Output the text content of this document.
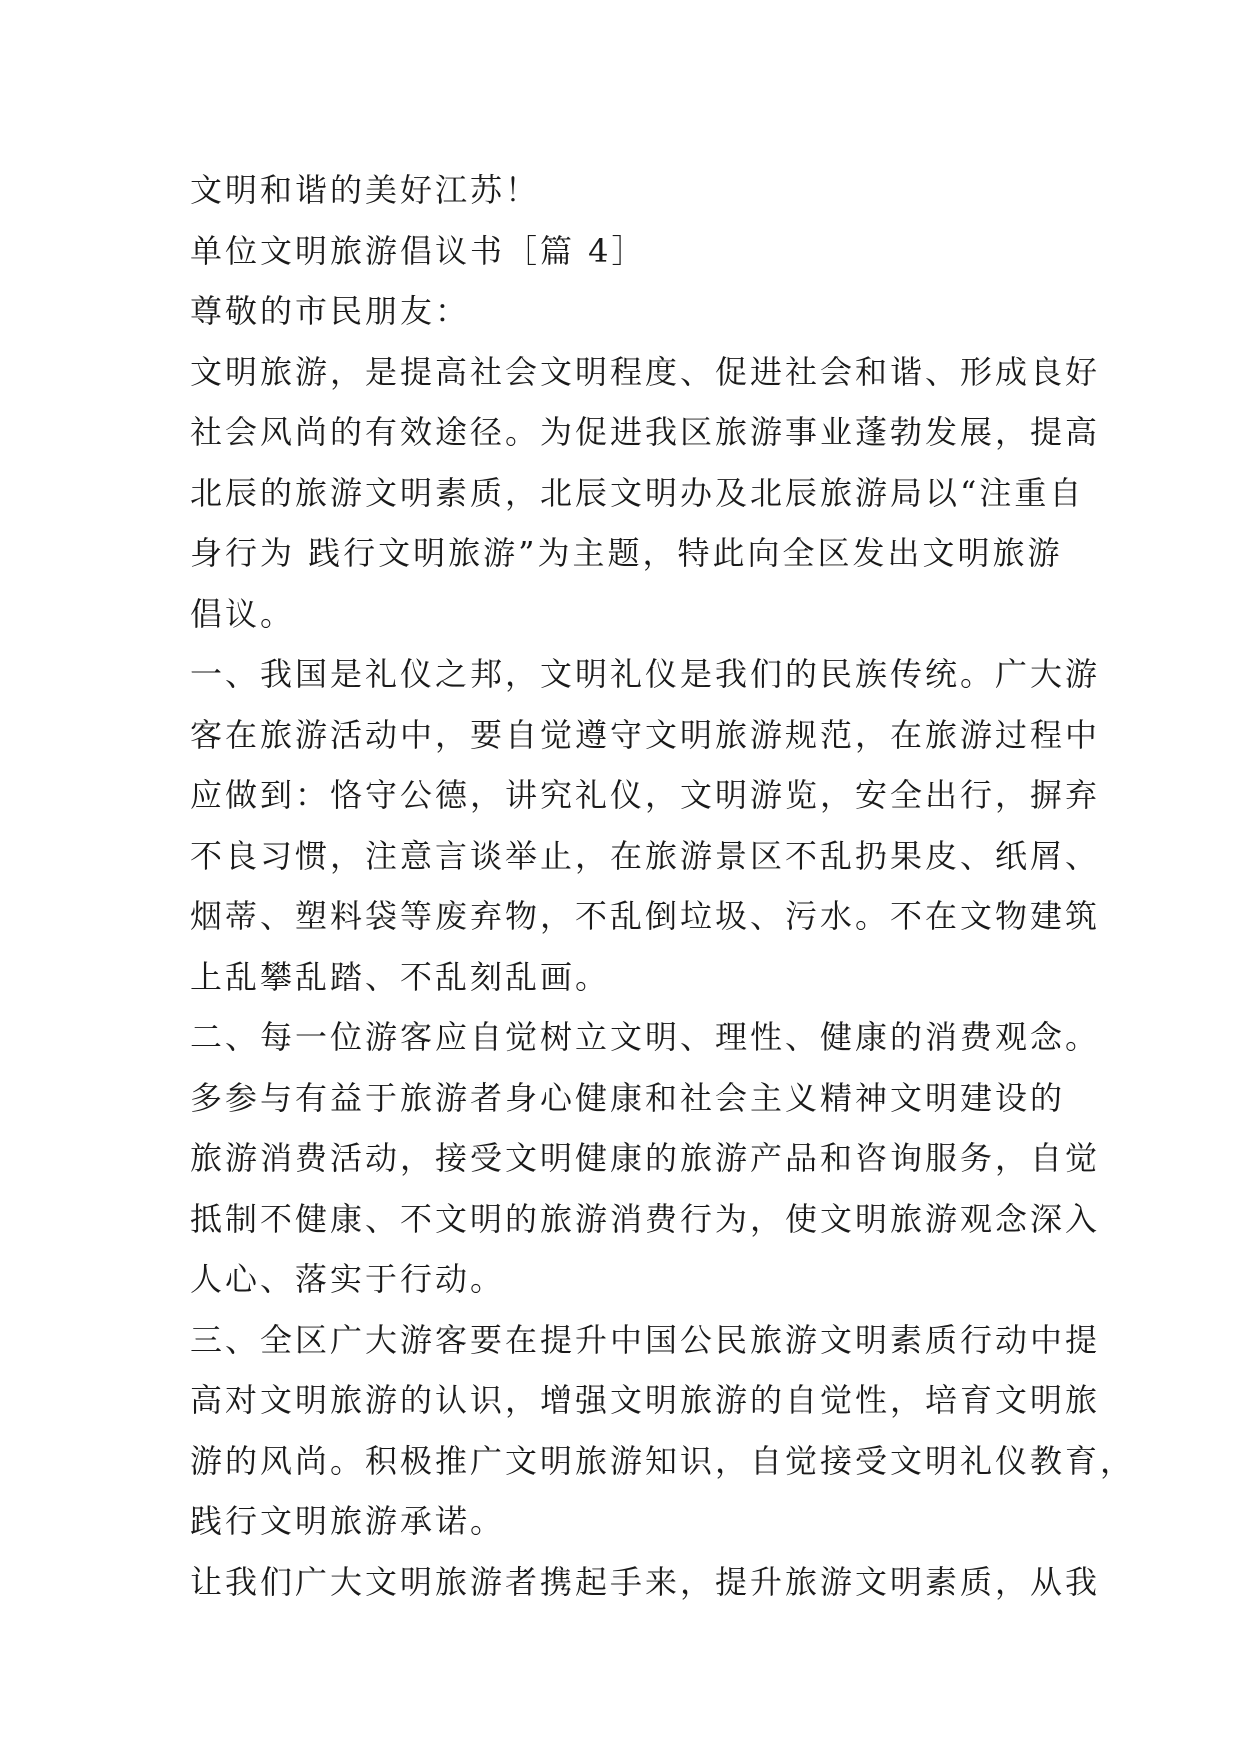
文明和谐的美好江苏！
单位文明旅游倡议书［篇 4］
尊敬的市民朋友：
文明旅游，是提高社会文明程度、促进社会和谐、形成良好
社会风尚的有效途径。为促进我区旅游事业蓬勃发展，提高
北辰的旅游文明素质，北辰文明办及北辰旅游局以“注重自
身行为 践行文明旅游”为主题，特此向全区发出文明旅游
倡议。
一、我国是礼仪之邦，文明礼仪是我们的民族传统。广大游
客在旅游活动中，要自觉遵守文明旅游规范，在旅游过程中
应做到：恪守公德，讲究礼仪，文明游览，安全出行，摒弃
不良习惯，注意言谈举止，在旅游景区不乱扔果皮、纸屑、
烟蒂、塑料袋等废弃物，不乱倒垃圾、污水。不在文物建筑
上乱攀乱踏、不乱刻乱画。
二、每一位游客应自觉树立文明、理性、健康的消费观念。
多参与有益于旅游者身心健康和社会主义精神文明建设的
旅游消费活动，接受文明健康的旅游产品和咨询服务，自觉
抵制不健康、不文明的旅游消费行为，使文明旅游观念深入
人心、落实于行动。
三、全区广大游客要在提升中国公民旅游文明素质行动中提
高对文明旅游的认识，增强文明旅游的自觉性，培育文明旅
游的风尚。积极推广文明旅游知识，自觉接受文明礼仪教育，
践行文明旅游承诺。
让我们广大文明旅游者携起手来，提升旅游文明素质，从我
